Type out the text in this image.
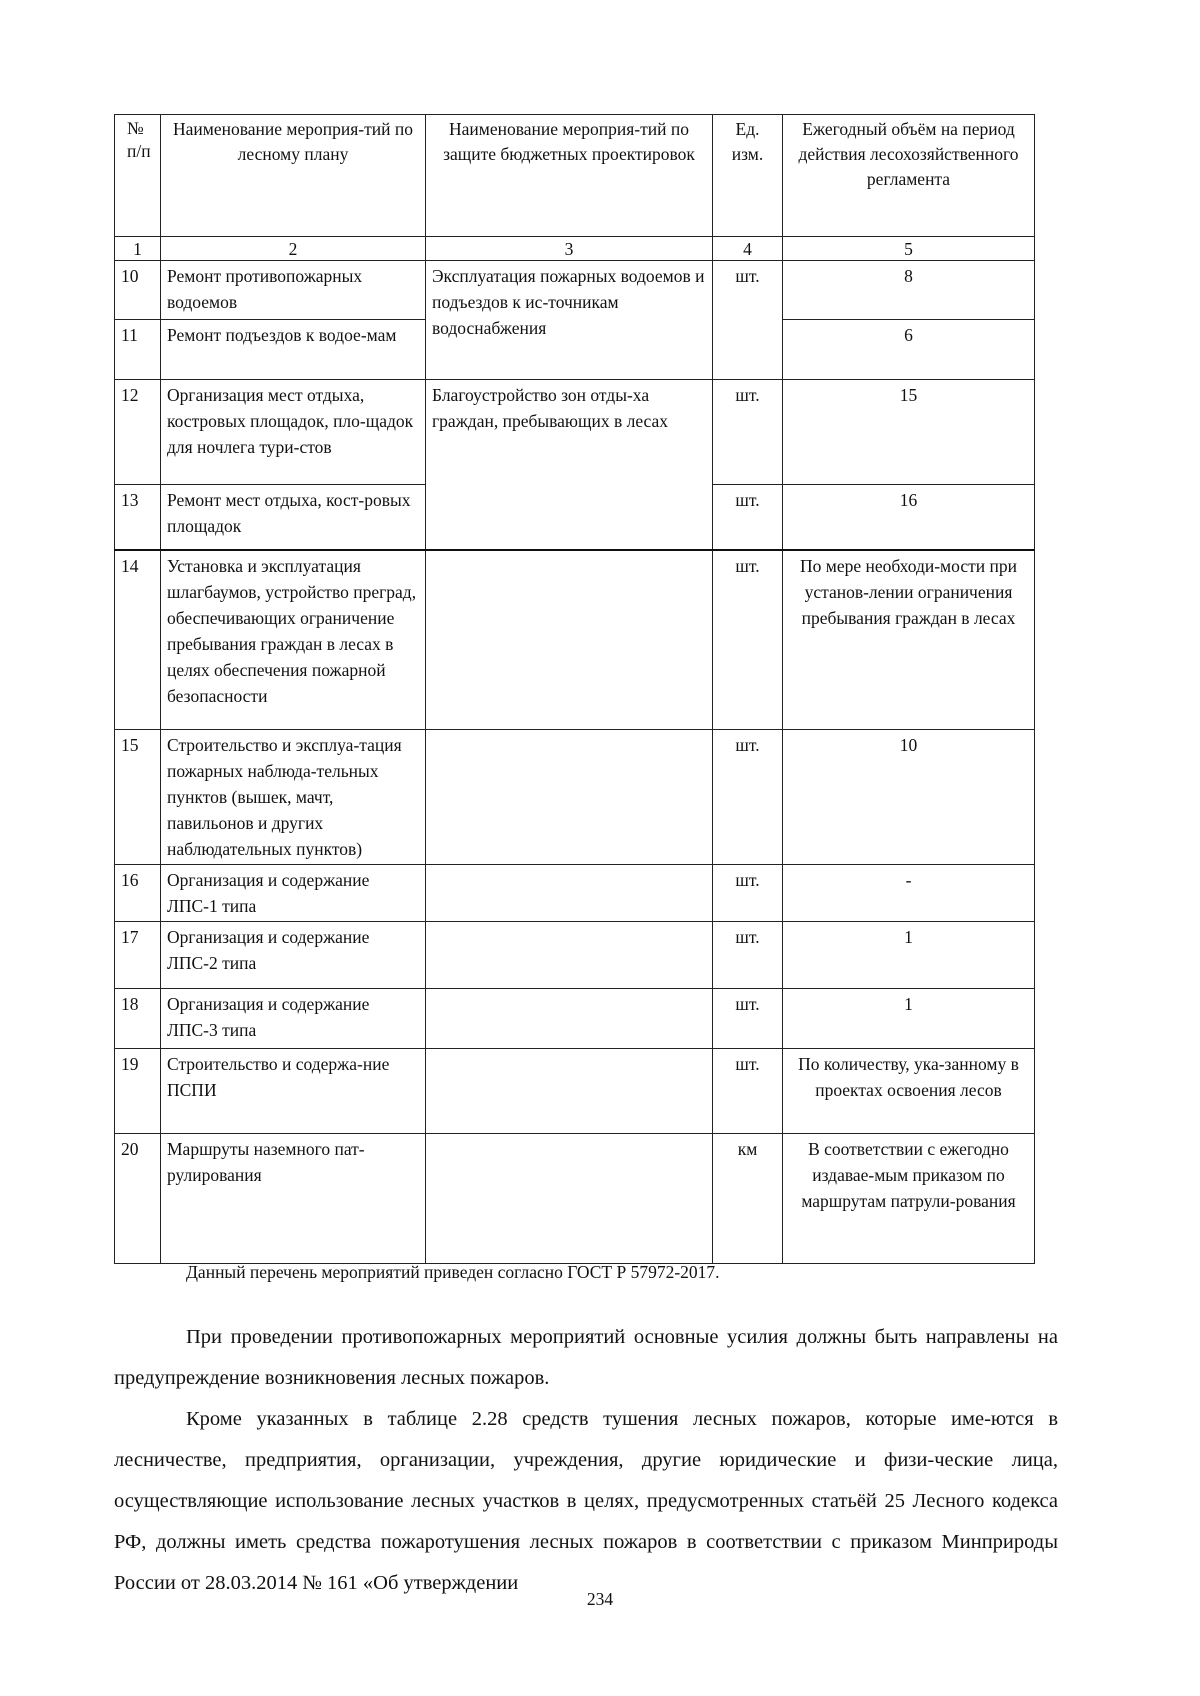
№ п/п	Наименование мероприя-тий по лесному плану	Наименование мероприя-тий по защите бюджетных проектировок	Ед. изм.	Ежегодный объём на период действия лесохозяйственного регламента
1	2	3	4	5
10	Ремонт противопожарных водоемов	Эксплуатация пожарных водоемов и подъездов к ис-точникам водоснабжения	шт.	8
11	Ремонт подъездов к водое-мам			6
12	Организация мест отдыха, костровых площадок, пло-щадок для ночлега тури-стов	Благоустройство зон отды-ха граждан, пребывающих в лесах	шт.	15
13	Ремонт мест отдыха, кост-ровых площадок		шт.	16
14	Установка и эксплуатация шлагбаумов, устройство преград, обеспечивающих ограничение пребывания граждан в лесах в целях обеспечения пожарной безопасности		шт.	По мере необходи-мости при установ-лении ограничения пребывания граждан в лесах
15	Строительство и эксплуа-тация пожарных наблюда-тельных пунктов (вышек, мачт, павильонов и других наблюдательных пунктов)		шт.	10
16	Организация и содержание ЛПС-1 типа		шт.	-
17	Организация и содержание ЛПС-2 типа		шт.	1
18	Организация и содержание ЛПС-3 типа		шт.	1
19	Строительство и содержа-ние ПСПИ		шт.	По количеству, ука-занному в проектах освоения лесов
20	Маршруты наземного пат-рулирования		км	В соответствии с ежегодно издавае-мым приказом по маршрутам патрули-рования
Данный перечень мероприятий приведен согласно ГОСТ Р 57972-2017.

При проведении противопожарных мероприятий основные усилия должны быть направлены на предупреждение возникновения лесных пожаров.

Кроме указанных в таблице 2.28 средств тушения лесных пожаров, которые име-ются в лесничестве, предприятия, организации, учреждения, другие юридические и физи-ческие лица, осуществляющие использование лесных участков в целях, предусмотренных статьёй 25 Лесного кодекса РФ, должны иметь средства пожаротушения лесных пожаров в соответствии с приказом Минприроды России от 28.03.2014 № 161 «Об утверждении

234
